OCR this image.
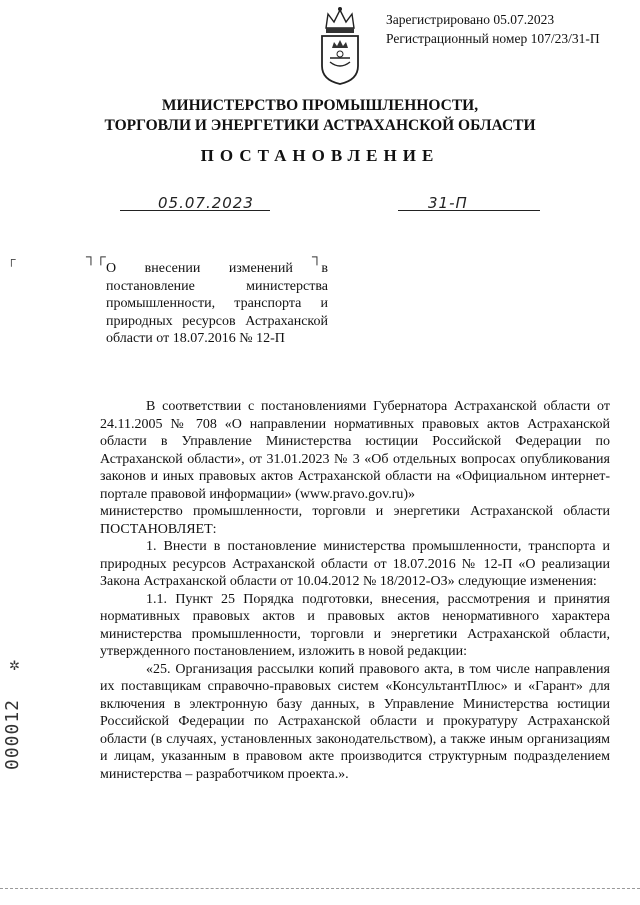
Зарегистрировано 05.07.2023
Регистрационный номер 107/23/31-П
МИНИСТЕРСТВО ПРОМЫШЛЕННОСТИ,
ТОРГОВЛИ И ЭНЕРГЕТИКИ АСТРАХАНСКОЙ ОБЛАСТИ
ПОСТАНОВЛЕНИЕ
05.07.2023	31-П
┌	┐┌	┐
О внесении изменений в постановление министерства промышленности, транспорта и природных ресурсов Астраханской области от 18.07.2016 № 12-П

В соответствии с постановлениями Губернатора Астраханской области от 24.11.2005 № 708 «О направлении нормативных правовых актов Астраханской области в Управление Министерства юстиции Российской Федерации по Астраханской области», от 31.01.2023 № 3 «Об отдельных вопросах опубликования законов и иных правовых актов Астраханской области на «Официальном интернет-портале правовой информации» (www.pravo.gov.ru)»

министерство промышленности, торговли и энергетики Астраханской области ПОСТАНОВЛЯЕТ:

1. Внести в постановление министерства промышленности, транспорта и природных ресурсов Астраханской области от 18.07.2016 № 12-П «О реализации Закона Астраханской области от 10.04.2012 № 18/2012-ОЗ» следующие изменения:

1.1. Пункт 25 Порядка подготовки, внесения, рассмотрения и принятия нормативных правовых актов и правовых актов ненормативного характера министерства промышленности, торговли и энергетики Астраханской области, утвержденного постановлением, изложить в новой редакции:

«25. Организация рассылки копий правового акта, в том числе направления их поставщикам справочно-правовых систем «КонсультантПлюс» и «Гарант» для включения в электронную базу данных, в Управление Министерства юстиции Российской Федерации по Астраханской области и прокуратуру Астраханской области (в случаях, установленных законодательством), а также иным организациям и лицам, указанным в правовом акте производится структурным подразделением министерства – разработчиком проекта.».

✲
000012
